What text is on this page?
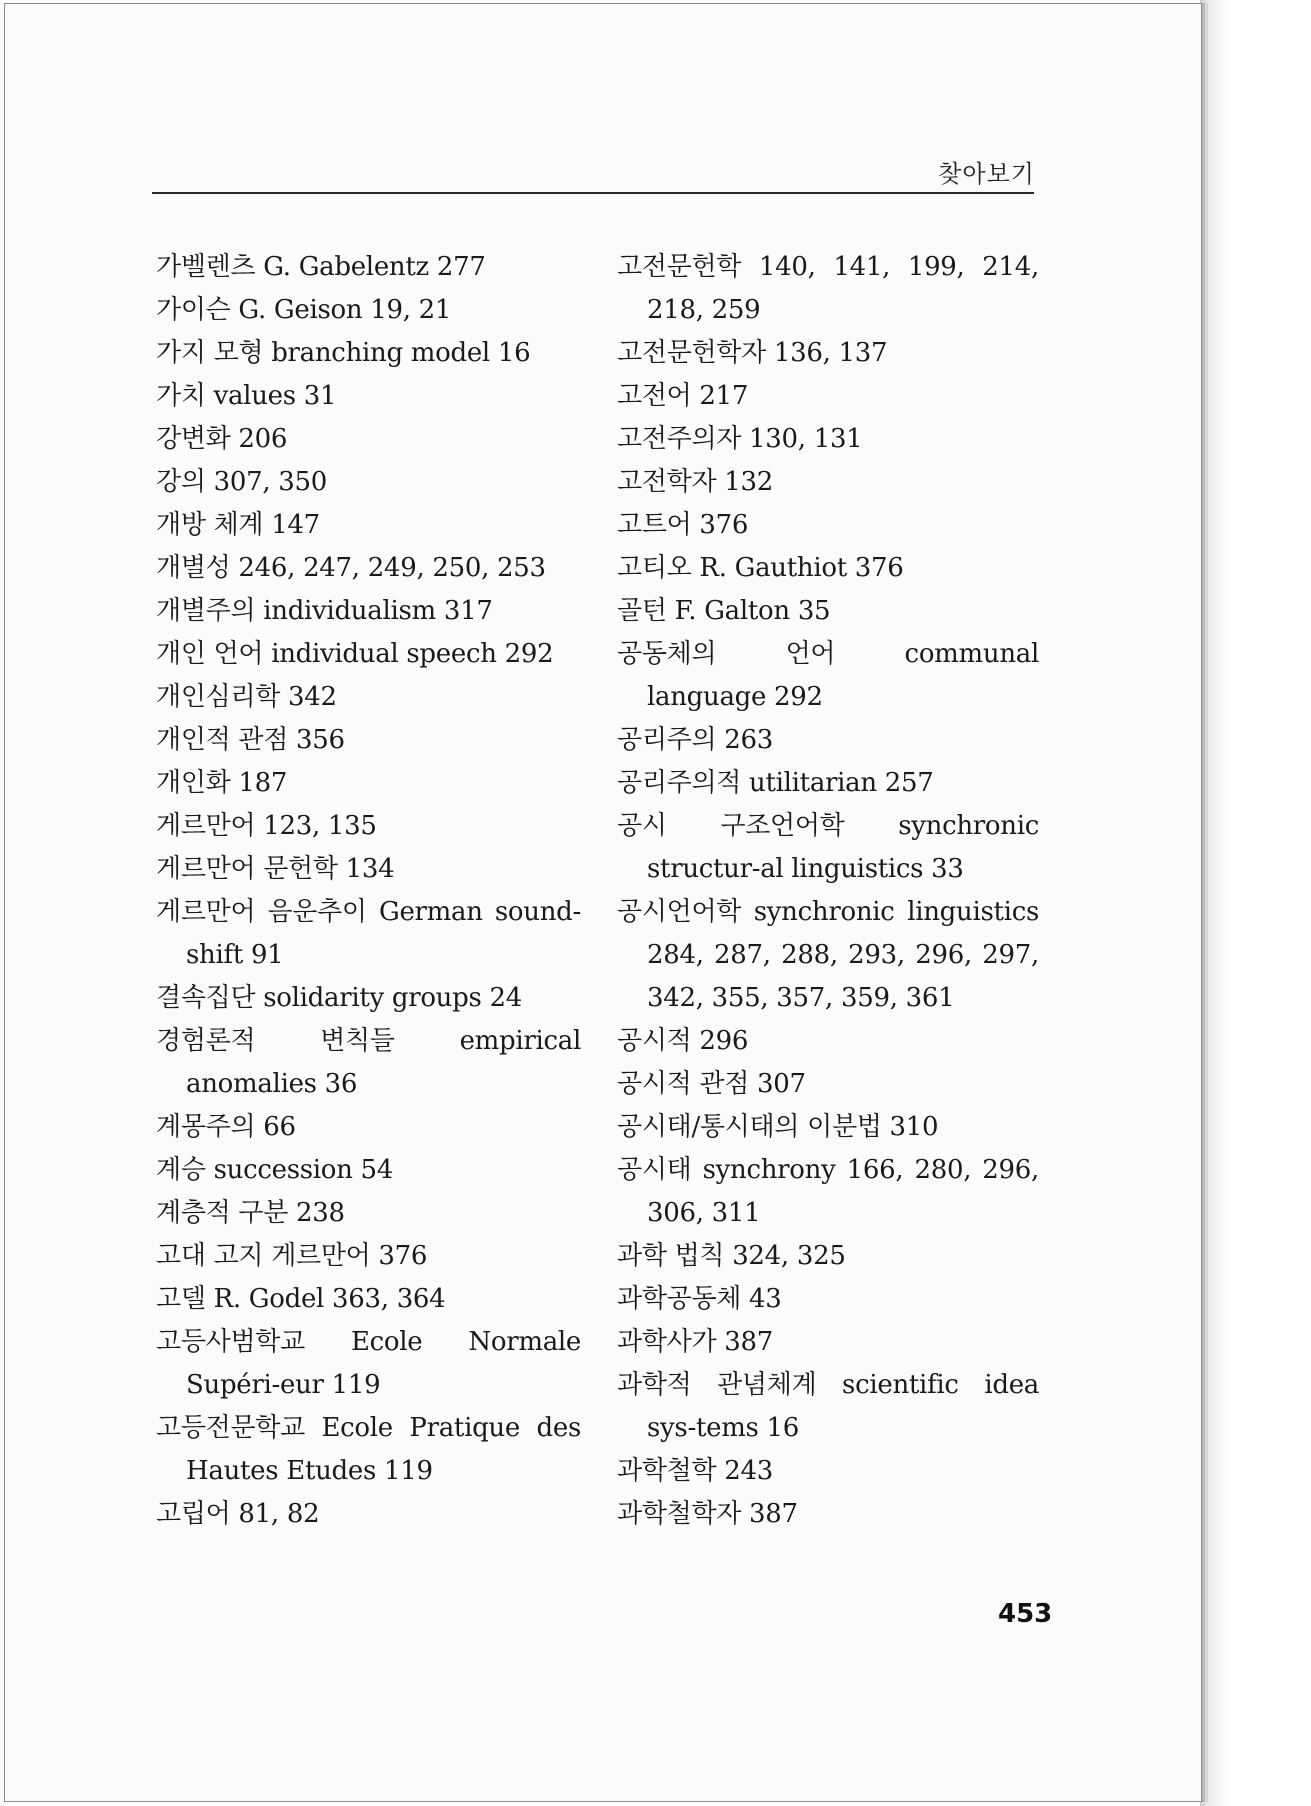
찾아보기
가벨렌츠 G. Gabelentz 277
가이슨 G. Geison 19, 21
가지 모형 branching model 16
가치 values 31
강변화 206
강의 307, 350
개방 체계 147
개별성 246, 247, 249, 250, 253
개별주의 individualism 317
개인 언어 individual speech 292
개인심리학 342
개인적 관점 356
개인화 187
게르만어 123, 135
게르만어 문헌학 134
게르만어 음운추이 German sound-shift 91
결속집단 solidarity groups 24
경험론적 변칙들 empirical anomalies 36
계몽주의 66
계승 succession 54
계층적 구분 238
고대 고지 게르만어 376
고델 R. Godel 363, 364
고등사범학교 Ecole Normale Supéri-eur 119
고등전문학교 Ecole Pratique des Hautes Etudes 119
고립어 81, 82
고전문헌학 140, 141, 199, 214, 218, 259
고전문헌학자 136, 137
고전어 217
고전주의자 130, 131
고전학자 132
고트어 376
고티오 R. Gauthiot 376
골턴 F. Galton 35
공동체의 언어 communal language 292
공리주의 263
공리주의적 utilitarian 257
공시 구조언어학 synchronic structur-al linguistics 33
공시언어학 synchronic linguistics 284, 287, 288, 293, 296, 297, 342, 355, 357, 359, 361
공시적 296
공시적 관점 307
공시태/통시태의 이분법 310
공시태 synchrony 166, 280, 296, 306, 311
과학 법칙 324, 325
과학공동체 43
과학사가 387
과학적 관념체계 scientific idea sys-tems 16
과학철학 243
과학철학자 387
453
